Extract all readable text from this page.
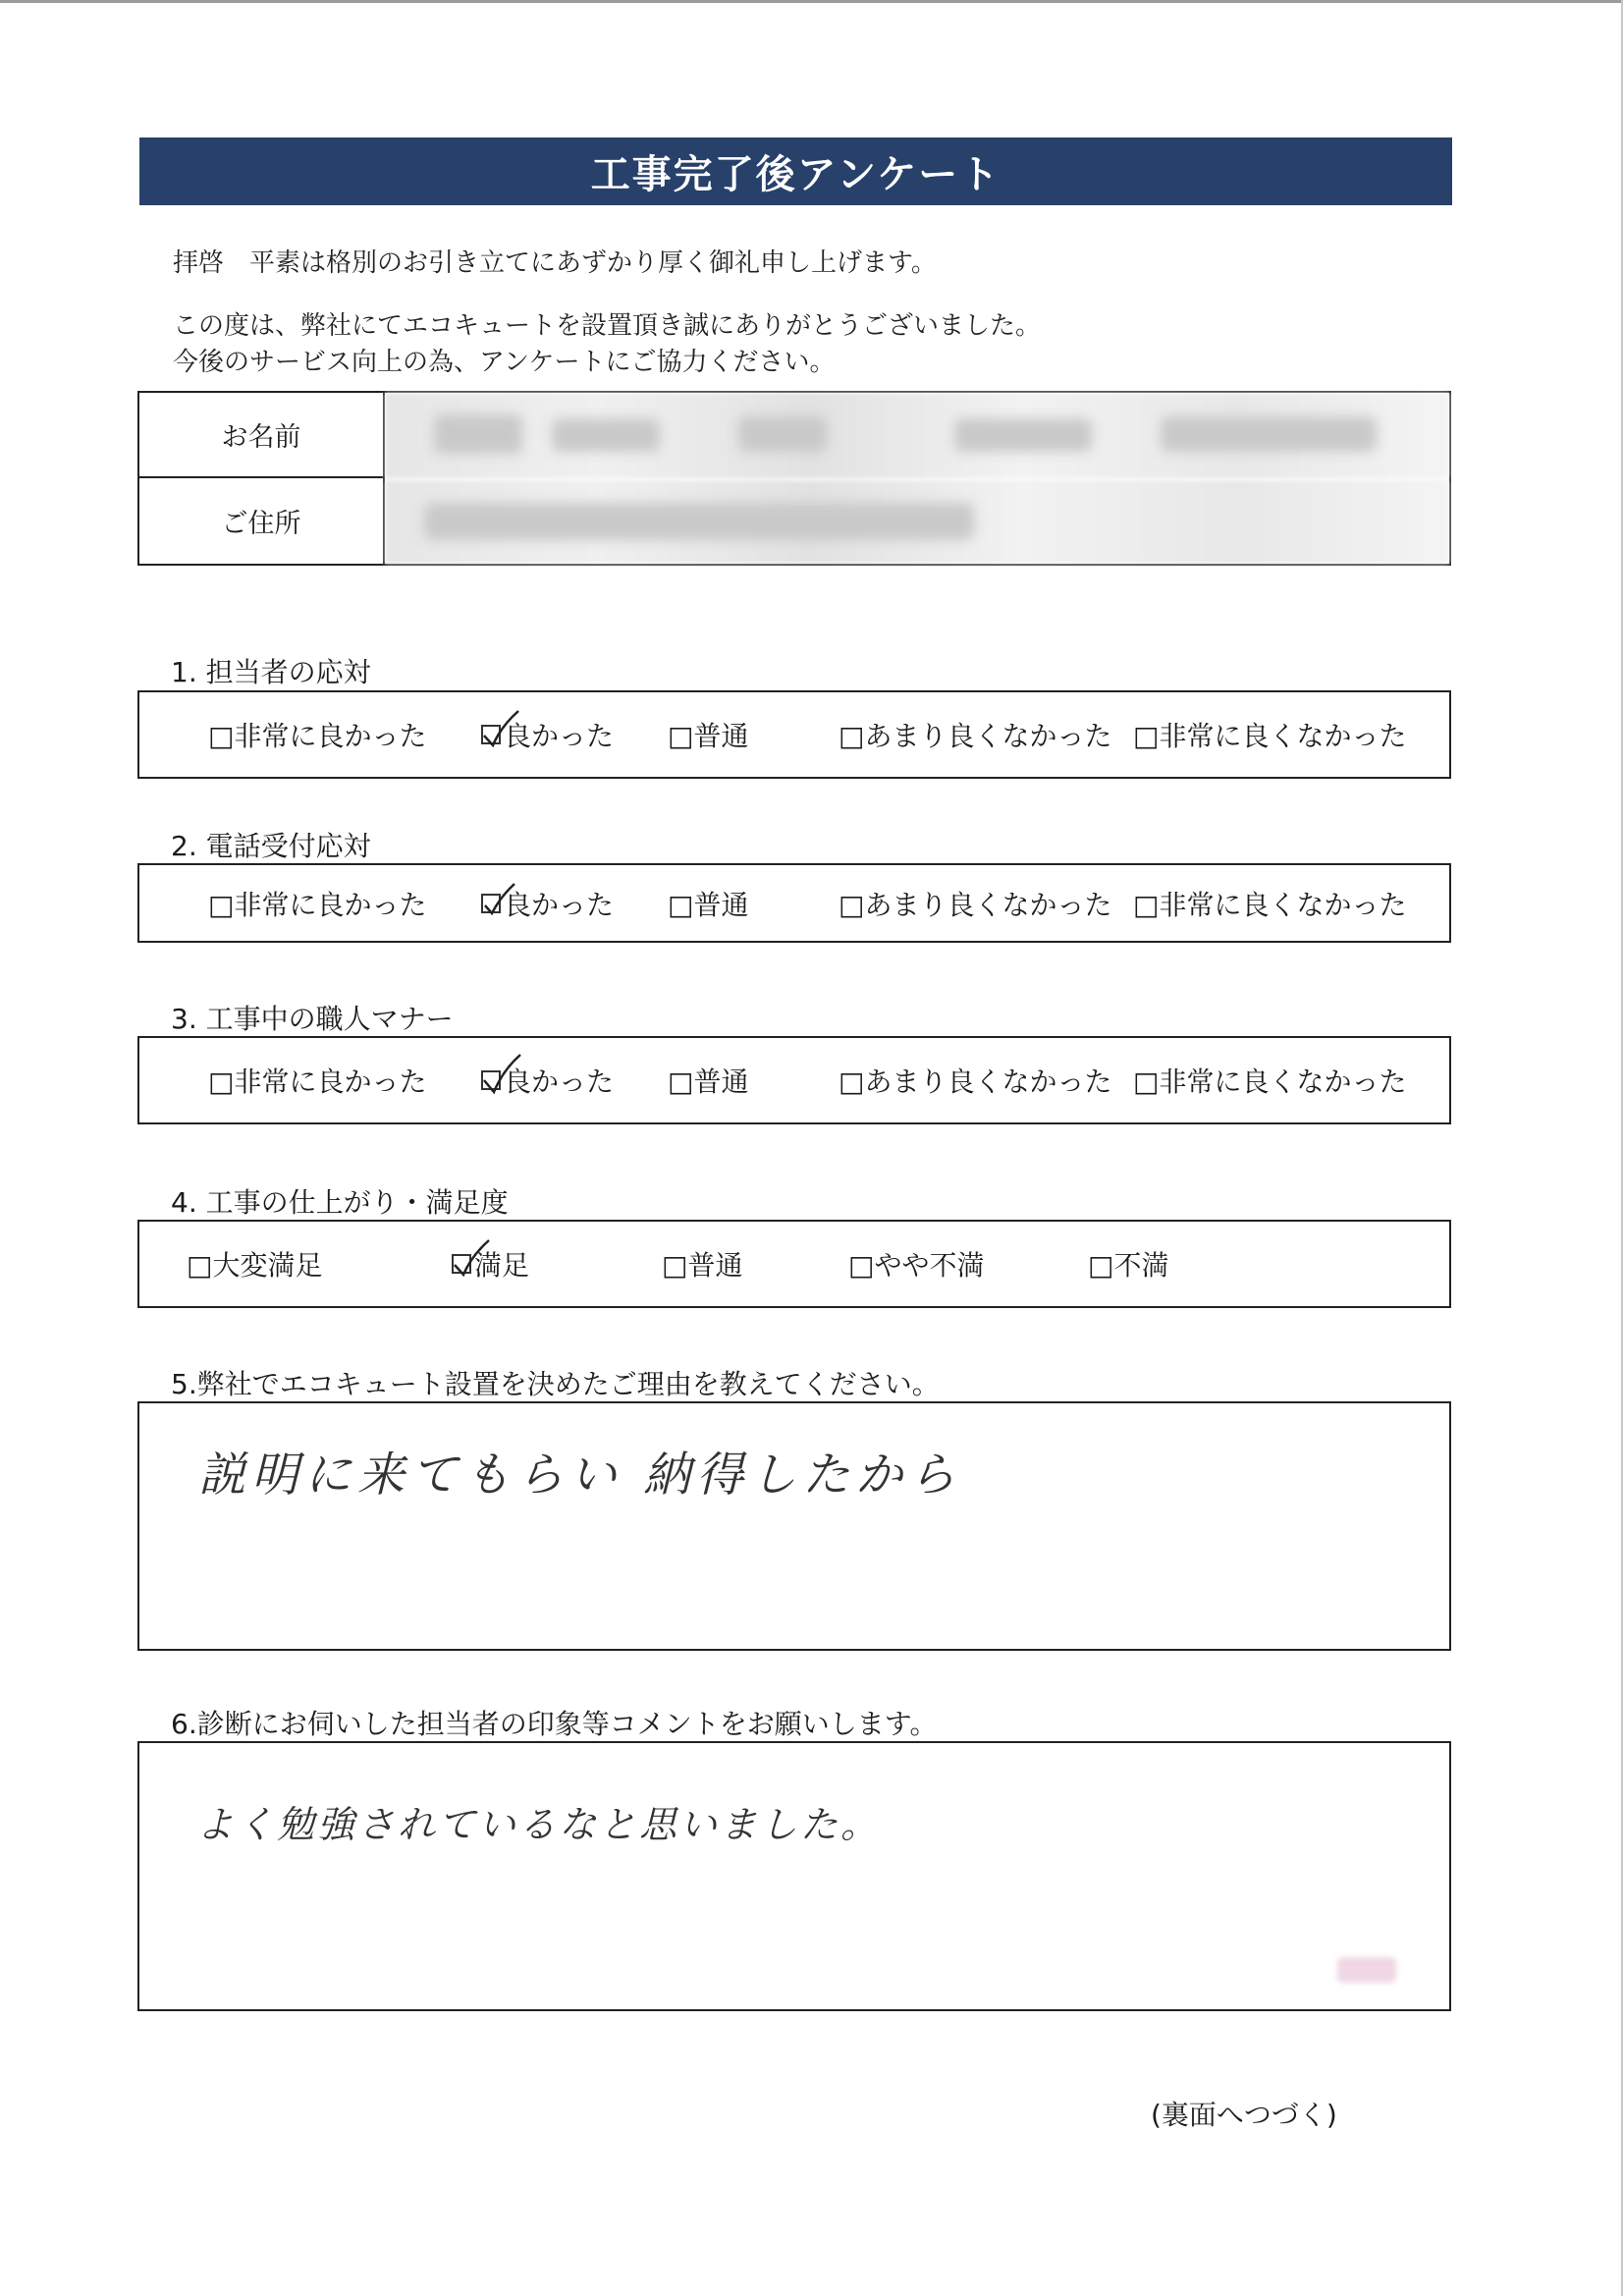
工事完了後アンケート
拝啓　平素は格別のお引き立てにあずかり厚く御礼申し上げます。
この度は、弊社にてエコキュートを設置頂き誠にありがとうございました。
今後のサービス向上の為、アンケートにご協力ください。
お名前
ご住所
1. 担当者の応対
□非常に良かった	良かった □普通	□あまり良くなかった □非常に良くなかった
2. 電話受付応対
□非常に良かった	良かった □普通	□あまり良くなかった □非常に良くなかった
3. 工事中の職人マナー
□非常に良かった	良かった □普通	□あまり良くなかった □非常に良くなかった
4. 工事の仕上がり・満足度
□大変満足	満足	□普通	□やや不満	□不満
5.弊社でエコキュート設置を決めたご理由を教えてください。
説明に来てもらい 納得したから
6.診断にお伺いした担当者の印象等コメントをお願いします。
よく勉強されているなと思いました。
(裏面へつづく)
